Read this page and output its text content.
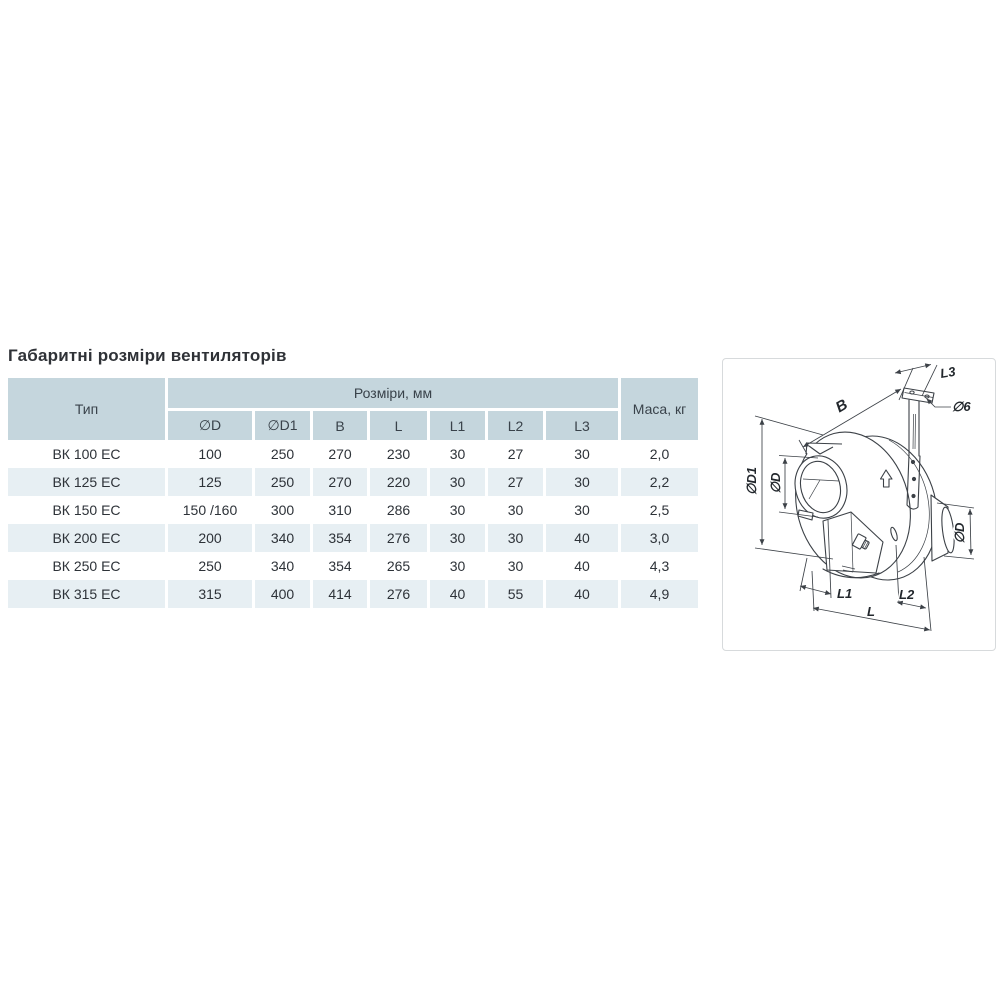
Габаритні розміри вентиляторів
Тип	Розміри, мм							Маса, кг
	∅D	∅D1	B	L	L1	L2	L3	
ВК 100 ЕС	100	250	270	230	30	27	30	2,0
ВК 125 ЕС	125	250	270	220	30	27	30	2,2
ВК 150 ЕС	150 /160	300	310	286	30	30	30	2,5
ВК 200 ЕС	200	340	354	276	30	30	40	3,0
ВК 250 ЕС	250	340	354	265	30	30	40	4,3
ВК 315 ЕС	315	400	414	276	40	55	40	4,9
∅D1 ∅D
B
L3
∅6
∅D
L1	L2
L
